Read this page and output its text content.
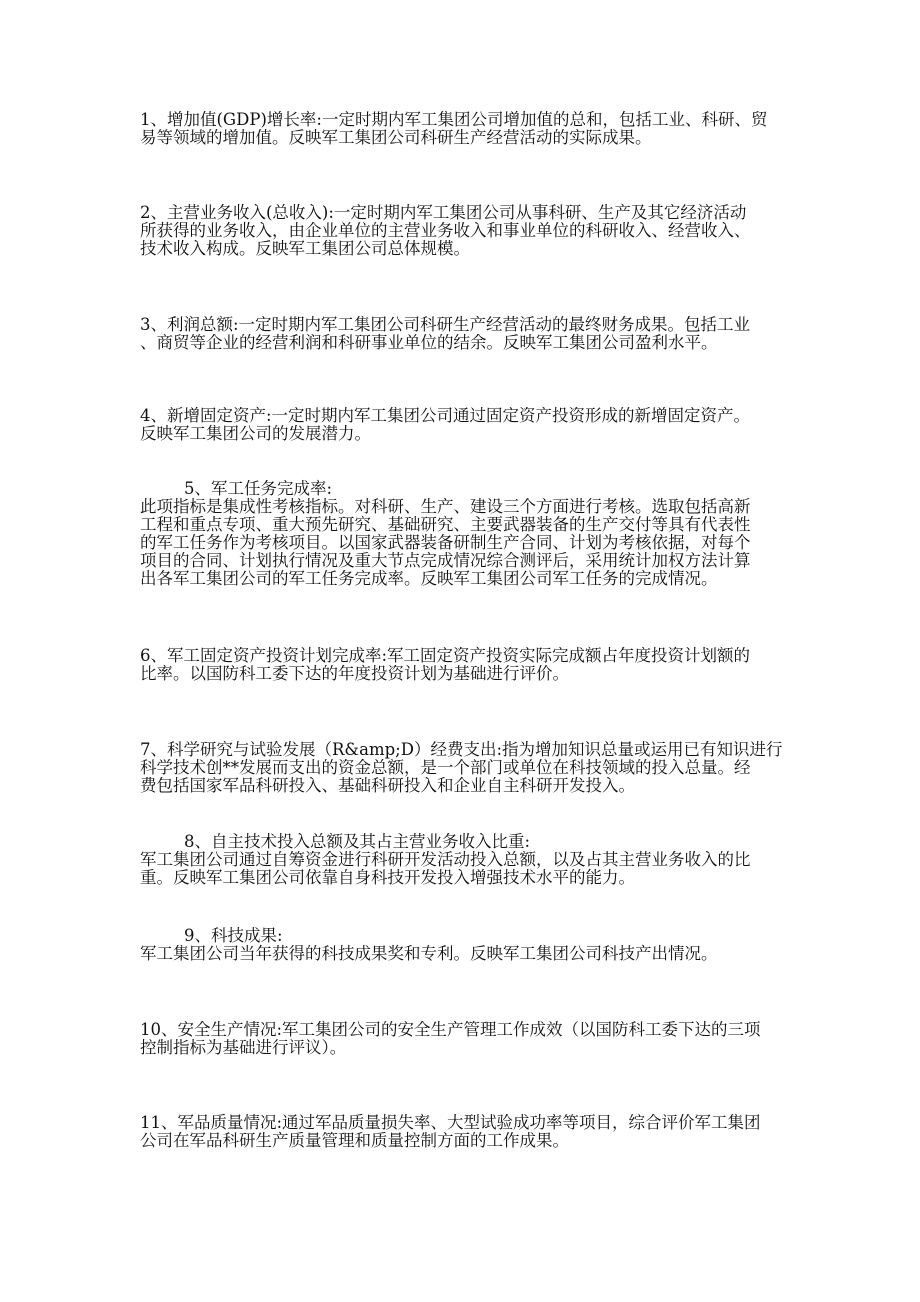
1、增加值(GDP)增长率:一定时期内军工集团公司增加值的总和，包括工业、科研、贸
易等领域的增加值。反映军工集团公司科研生产经营活动的实际成果。
2、主营业务收入(总收入):一定时期内军工集团公司从事科研、生产及其它经济活动
所获得的业务收入，由企业单位的主营业务收入和事业单位的科研收入、经营收入、
技术收入构成。反映军工集团公司总体规模。
3、利润总额:一定时期内军工集团公司科研生产经营活动的最终财务成果。包括工业
、商贸等企业的经营利润和科研事业单位的结余。反映军工集团公司盈利水平。
4、新增固定资产:一定时期内军工集团公司通过固定资产投资形成的新增固定资产。
反映军工集团公司的发展潜力。
5、军工任务完成率:
此项指标是集成性考核指标。对科研、生产、建设三个方面进行考核。选取包括高新
工程和重点专项、重大预先研究、基础研究、主要武器装备的生产交付等具有代表性
的军工任务作为考核项目。以国家武器装备研制生产合同、计划为考核依据，对每个
项目的合同、计划执行情况及重大节点完成情况综合测评后，采用统计加权方法计算
出各军工集团公司的军工任务完成率。反映军工集团公司军工任务的完成情况。
6、军工固定资产投资计划完成率:军工固定资产投资实际完成额占年度投资计划额的
比率。以国防科工委下达的年度投资计划为基础进行评价。
7、科学研究与试验发展（R&amp;D）经费支出:指为增加知识总量或运用已有知识进行
科学技术创**发展而支出的资金总额，是一个部门或单位在科技领域的投入总量。经
费包括国家军品科研投入、基础科研投入和企业自主科研开发投入。
8、自主技术投入总额及其占主营业务收入比重:
军工集团公司通过自筹资金进行科研开发活动投入总额，以及占其主营业务收入的比
重。反映军工集团公司依靠自身科技开发投入增强技术水平的能力。
9、科技成果:
军工集团公司当年获得的科技成果奖和专利。反映军工集团公司科技产出情况。
10、安全生产情况:军工集团公司的安全生产管理工作成效（以国防科工委下达的三项
控制指标为基础进行评议）。
11、军品质量情况:通过军品质量损失率、大型试验成功率等项目，综合评价军工集团
公司在军品科研生产质量管理和质量控制方面的工作成果。
